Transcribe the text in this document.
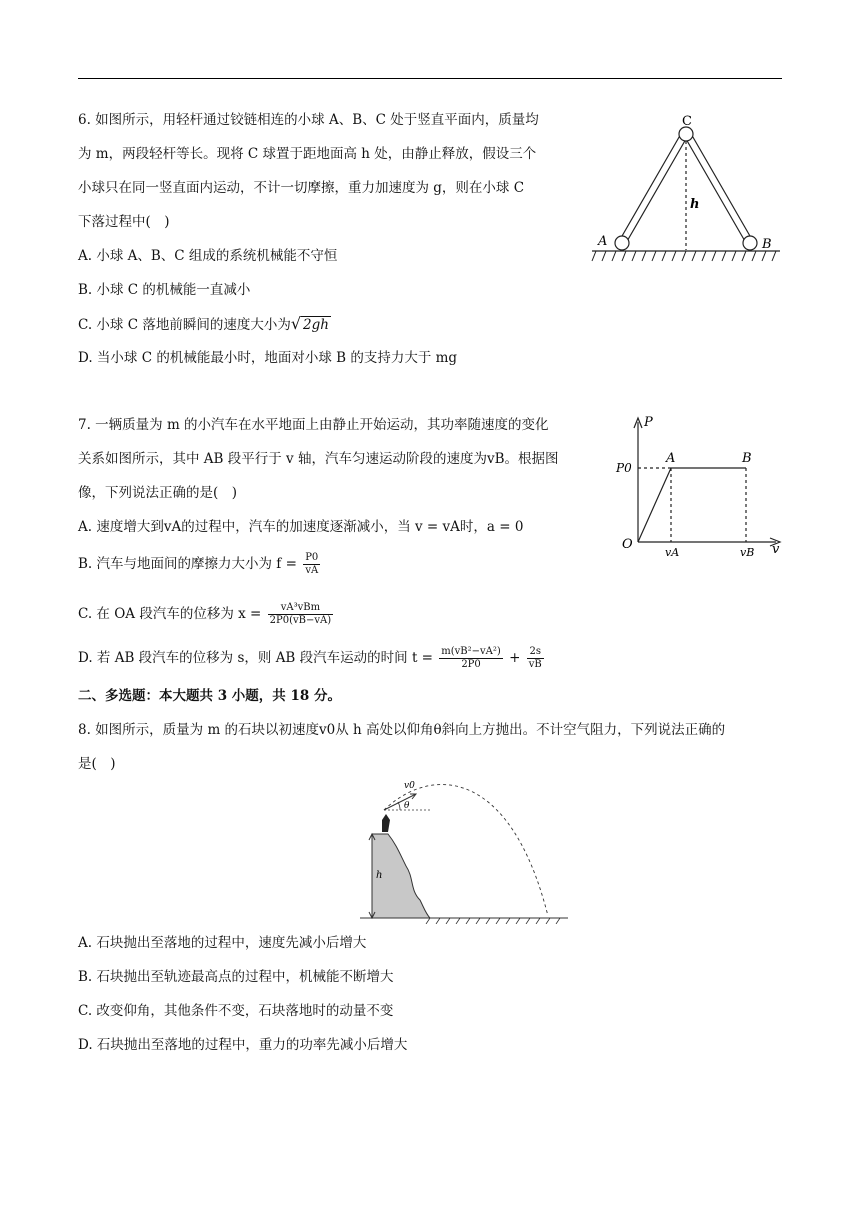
6. 如图所示，用轻杆通过铰链相连的小球 A、B、C 处于竖直平面内，质量均
为 m，两段轻杆等长。现将 C 球置于距地面高 h 处，由静止释放，假设三个
小球只在同一竖直面内运动，不计一切摩擦，重力加速度为 g，则在小球 C
下落过程中(　)
A. 小球 A、B、C 组成的系统机械能不守恒
B. 小球 C 的机械能一直减小
C. 小球 C 落地前瞬间的速度大小为√ 2gh
D. 当小球 C 的机械能最小时，地面对小球 B 的支持力大于 mg
C
h
A	B
7. 一辆质量为 m 的小汽车在水平地面上由静止开始运动，其功率随速度的变化
关系如图所示，其中 AB 段平行于 v 轴，汽车匀速运动阶段的速度为vB。根据图
像，下列说法正确的是(　)
A. 速度增大到vA的过程中，汽车的加速度逐渐减小，当 v = vA时，a = 0
B. 汽车与地面间的摩擦力大小为 $f = \frac{P0}{vA}$
C. 在 OA 段汽车的位移为 $x = \frac{\text{vA³vBm}}{2P0(vB-vA)}$
D. 若 AB 段汽车的位移为 s，则 AB 段汽车运动的时间 $t = \frac{\text{m(vB²−vA²)}}{2P0} + \frac{2s}{vB}$
P
P0
A	B
O
vA	vB v
二、多选题：本大题共 3 小题，共 18 分。
8. 如图所示，质量为 m 的石块以初速度v0从 h 高处以仰角θ斜向上方抛出。不计空气阻力，下列说法正确的
是(　)
v0
θ
h
A. 石块抛出至落地的过程中，速度先减小后增大
B. 石块抛出至轨迹最高点的过程中，机械能不断增大
C. 改变仰角，其他条件不变，石块落地时的动量不变
D. 石块抛出至落地的过程中，重力的功率先减小后增大
